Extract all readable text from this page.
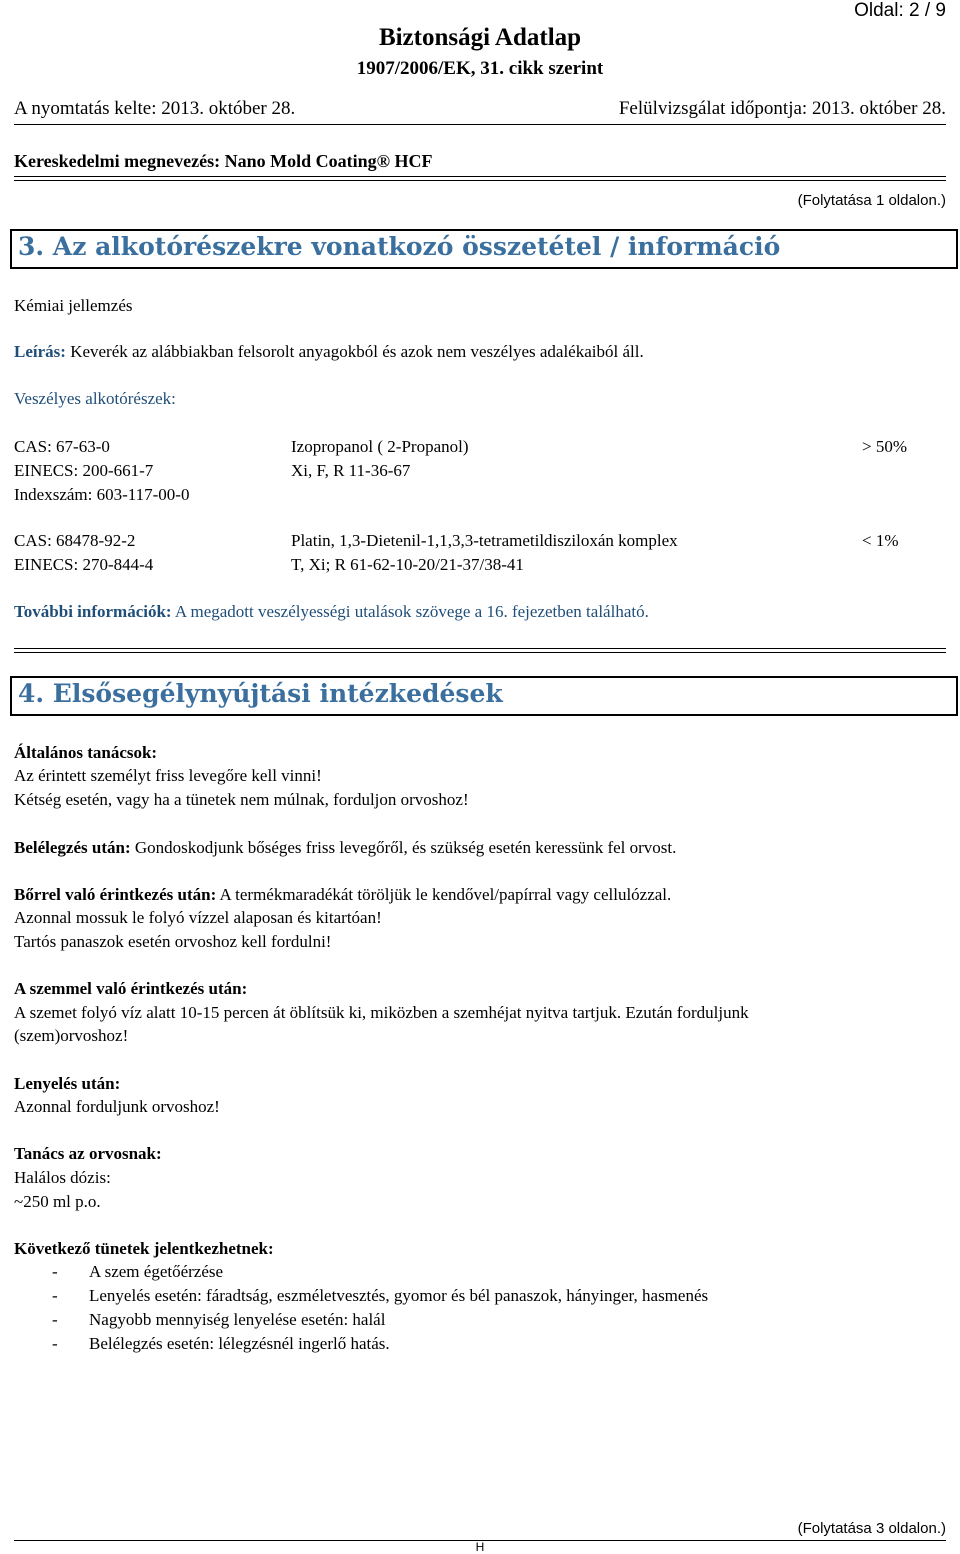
Oldal: 2 / 9
Biztonsági Adatlap
1907/2006/EK, 31. cikk szerint
A nyomtatás kelte: 2013. október 28.	Felülvizsgálat időpontja: 2013. október 28.
Kereskedelmi megnevezés: Nano Mold Coating® HCF
(Folytatása 1 oldalon.)
3. Az alkotórészekre vonatkozó összetétel / információ
Kémiai jellemzés
Leírás: Keverék az alábbiakban felsorolt anyagokból és azok nem veszélyes adalékaiból áll.
Veszélyes alkotórészek:
CAS: 67-63-0
EINECS: 200-661-7
Indexszám: 603-117-00-0
Izopropanol ( 2-Propanol)
Xi, F, R 11-36-67
> 50%
CAS: 68478-92-2
EINECS: 270-844-4
Platin, 1,3-Dietenil-1,1,3,3-tetrametildisziloxán komplex
T, Xi; R 61-62-10-20/21-37/38-41
< 1%
További információk: A megadott veszélyességi utalások szövege a 16. fejezetben található.
4. Elsősegélynyújtási intézkedések
Általános tanácsok:
Az érintett személyt friss levegőre kell vinni!
Kétség esetén, vagy ha a tünetek nem múlnak, forduljon orvoshoz!
Belélegzés után: Gondoskodjunk bőséges friss levegőről, és szükség esetén keressünk fel orvost.
Bőrrel való érintkezés után: A termékmaradékát töröljük le kendővel/papírral vagy cellulózzal.
Azonnal mossuk le folyó vízzel alaposan és kitartóan!
Tartós panaszok esetén orvoshoz kell fordulni!
A szemmel való érintkezés után:
A szemet folyó víz alatt 10-15 percen át öblítsük ki, miközben a szemhéjat nyitva tartjuk. Ezután forduljunk
(szem)orvoshoz!
Lenyelés után:
Azonnal forduljunk orvoshoz!
Tanács az orvosnak:
Halálos dózis:
~250 ml p.o.
Következő tünetek jelentkezhetnek:
- A szem égetőérzése
- Lenyelés esetén: fáradtság, eszméletvesztés, gyomor és bél panaszok, hányinger, hasmenés
- Nagyobb mennyiség lenyelése esetén: halál
- Belélegzés esetén: lélegzésnél ingerlő hatás.
(Folytatása 3 oldalon.)
H
